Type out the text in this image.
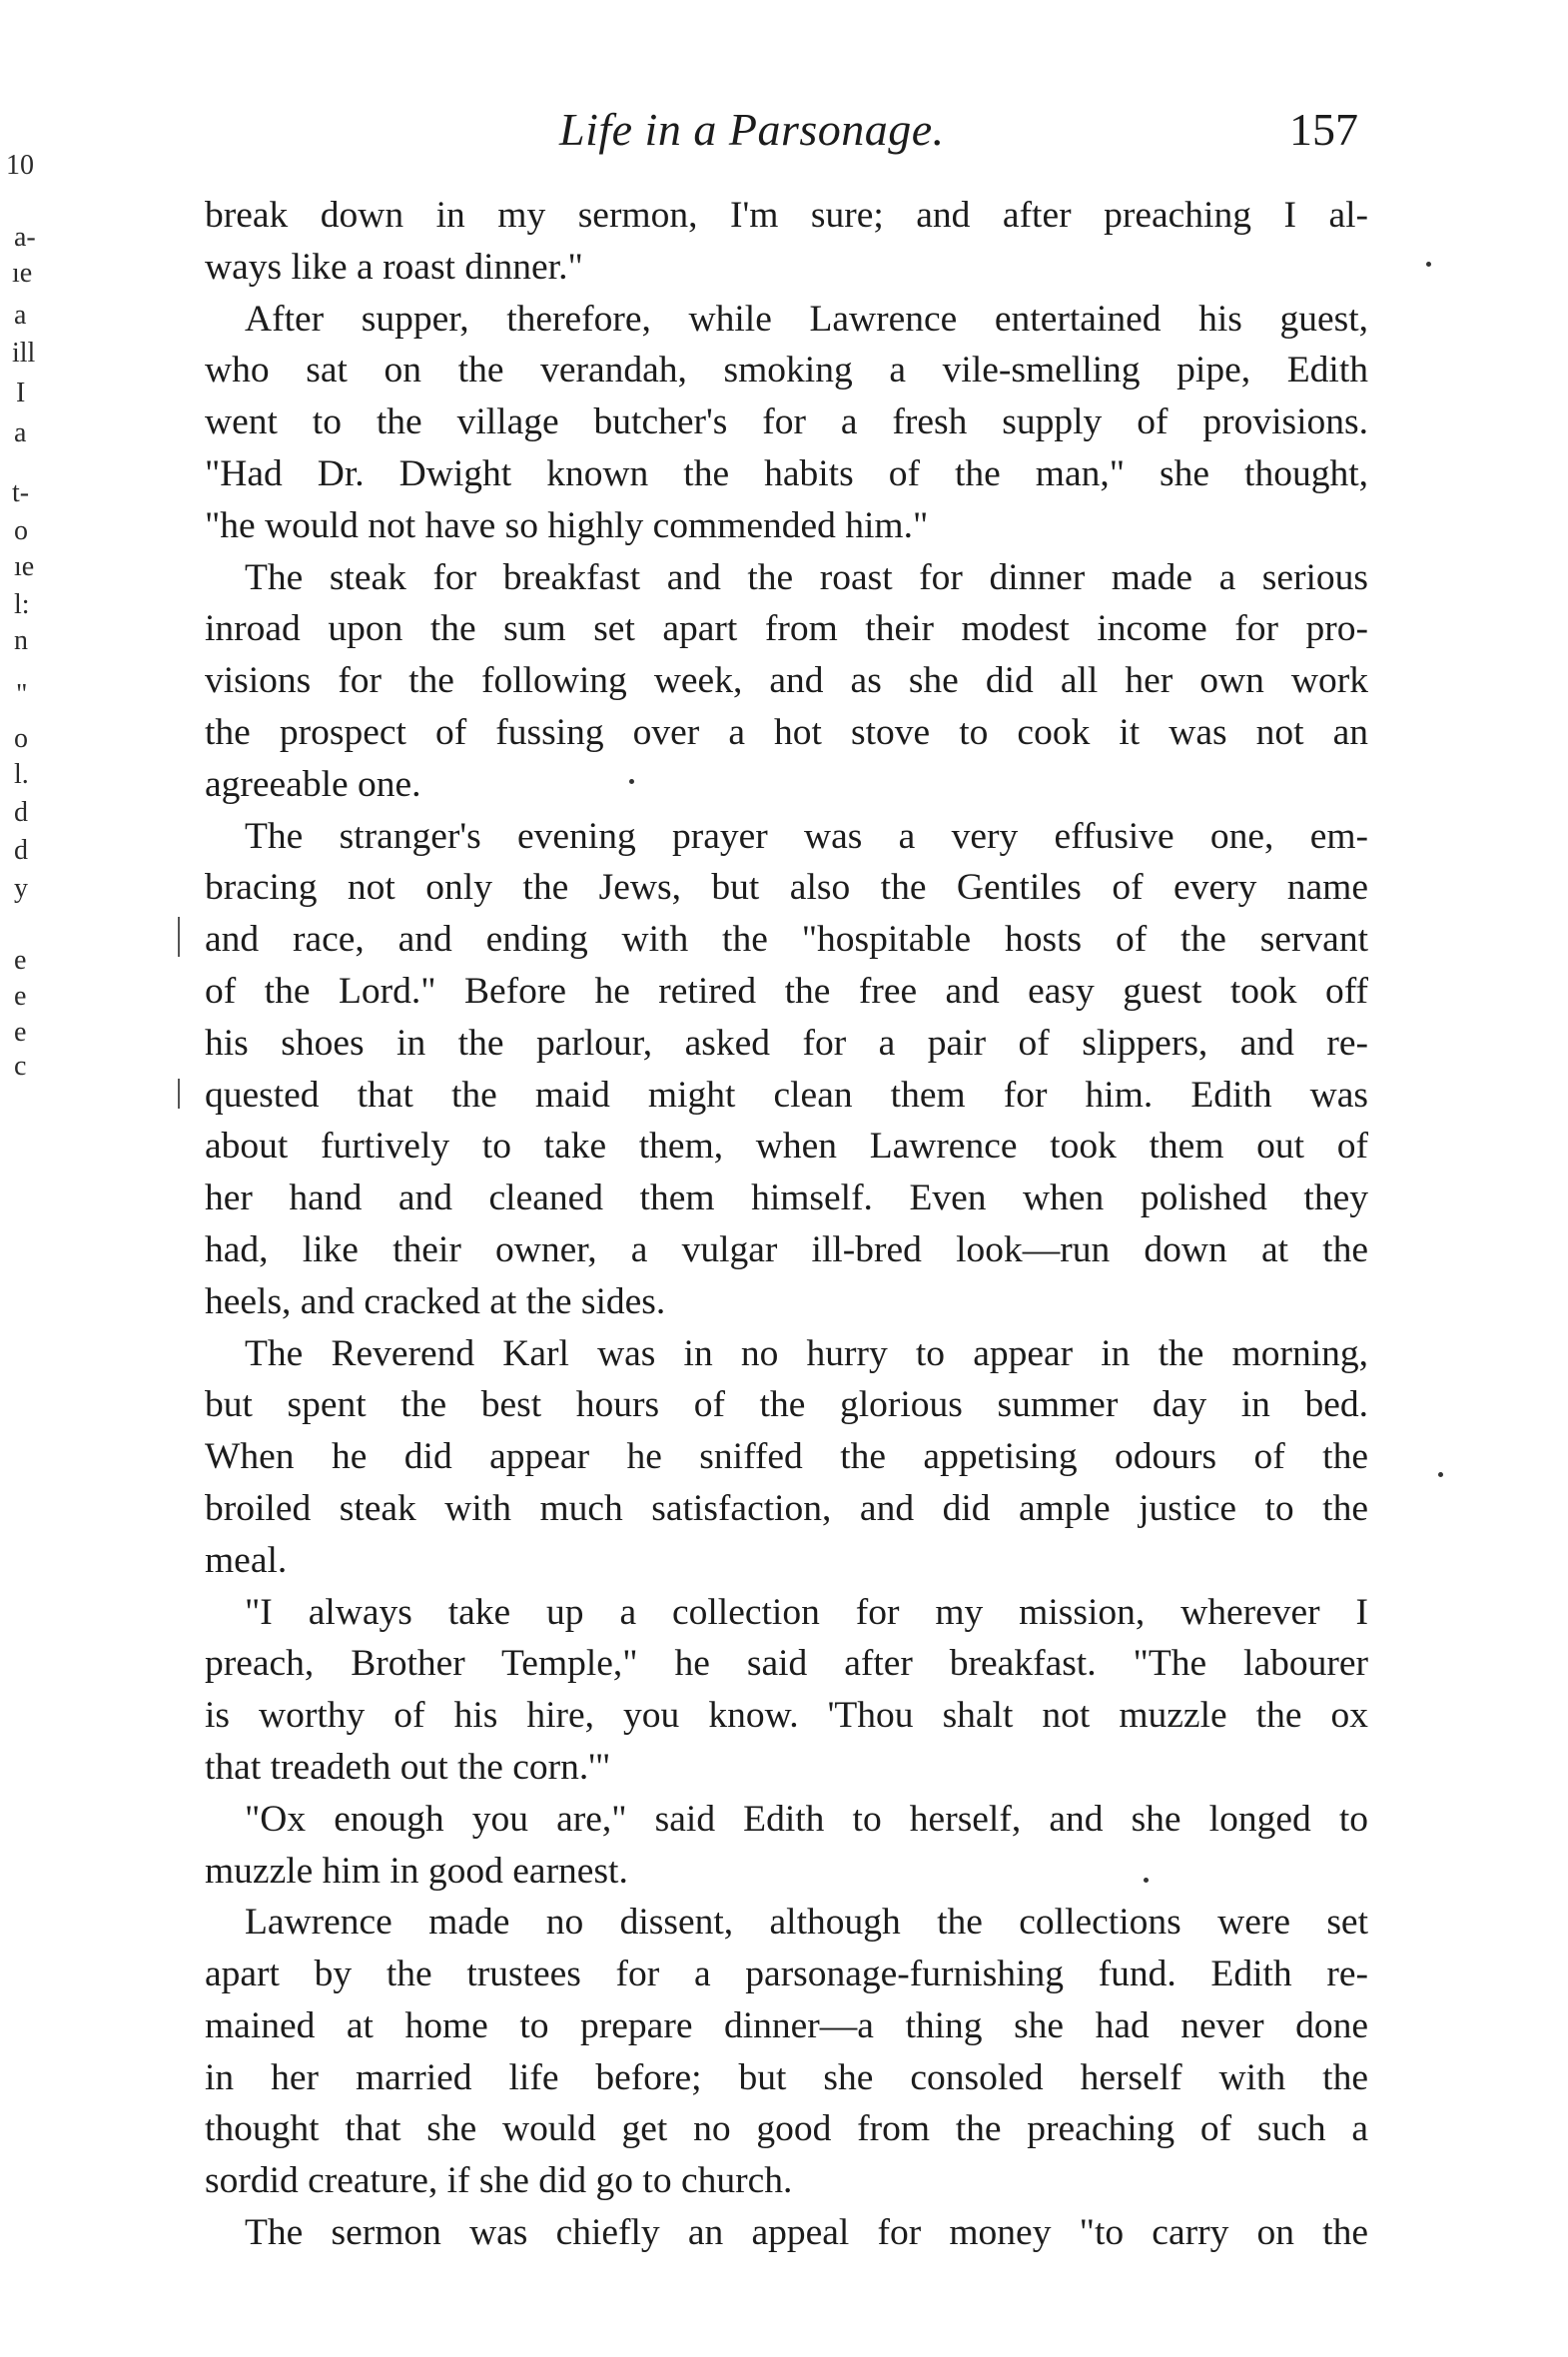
Life in a Parsonage.	157
10
a-
ıe
a
ill
I
a
t-
o
ıe
l:
n
"
o
l.
d
d
y
e
e
e
c
break down in my sermon, I'm sure; and after preaching I al-
ways like a roast dinner."
After supper, therefore, while Lawrence entertained his guest,
who sat on the verandah, smoking a vile-smelling pipe, Edith
went to the village butcher's for a fresh supply of provisions.
"Had Dr. Dwight known the habits of the man," she thought,
"he would not have so highly commended him."
The steak for breakfast and the roast for dinner made a serious
inroad upon the sum set apart from their modest income for pro-
visions for the following week, and as she did all her own work
the prospect of fussing over a hot stove to cook it was not an
agreeable one.
The stranger's evening prayer was a very effusive one, em-
bracing not only the Jews, but also the Gentiles of every name
and race, and ending with the "hospitable hosts of the servant
of the Lord." Before he retired the free and easy guest took off
his shoes in the parlour, asked for a pair of slippers, and re-
quested that the maid might clean them for him. Edith was
about furtively to take them, when Lawrence took them out of
her hand and cleaned them himself. Even when polished they
had, like their owner, a vulgar ill-bred look—run down at the
heels, and cracked at the sides.
The Reverend Karl was in no hurry to appear in the morning,
but spent the best hours of the glorious summer day in bed.
When he did appear he sniffed the appetising odours of the
broiled steak with much satisfaction, and did ample justice to the
meal.
"I always take up a collection for my mission, wherever I
preach, Brother Temple," he said after breakfast. "The labourer
is worthy of his hire, you know. 'Thou shalt not muzzle the ox
that treadeth out the corn.'"
"Ox enough you are," said Edith to herself, and she longed to
muzzle him in good earnest.
Lawrence made no dissent, although the collections were set
apart by the trustees for a parsonage-furnishing fund. Edith re-
mained at home to prepare dinner—a thing she had never done
in her married life before; but she consoled herself with the
thought that she would get no good from the preaching of such a
sordid creature, if she did go to church.
The sermon was chiefly an appeal for money "to carry on the
